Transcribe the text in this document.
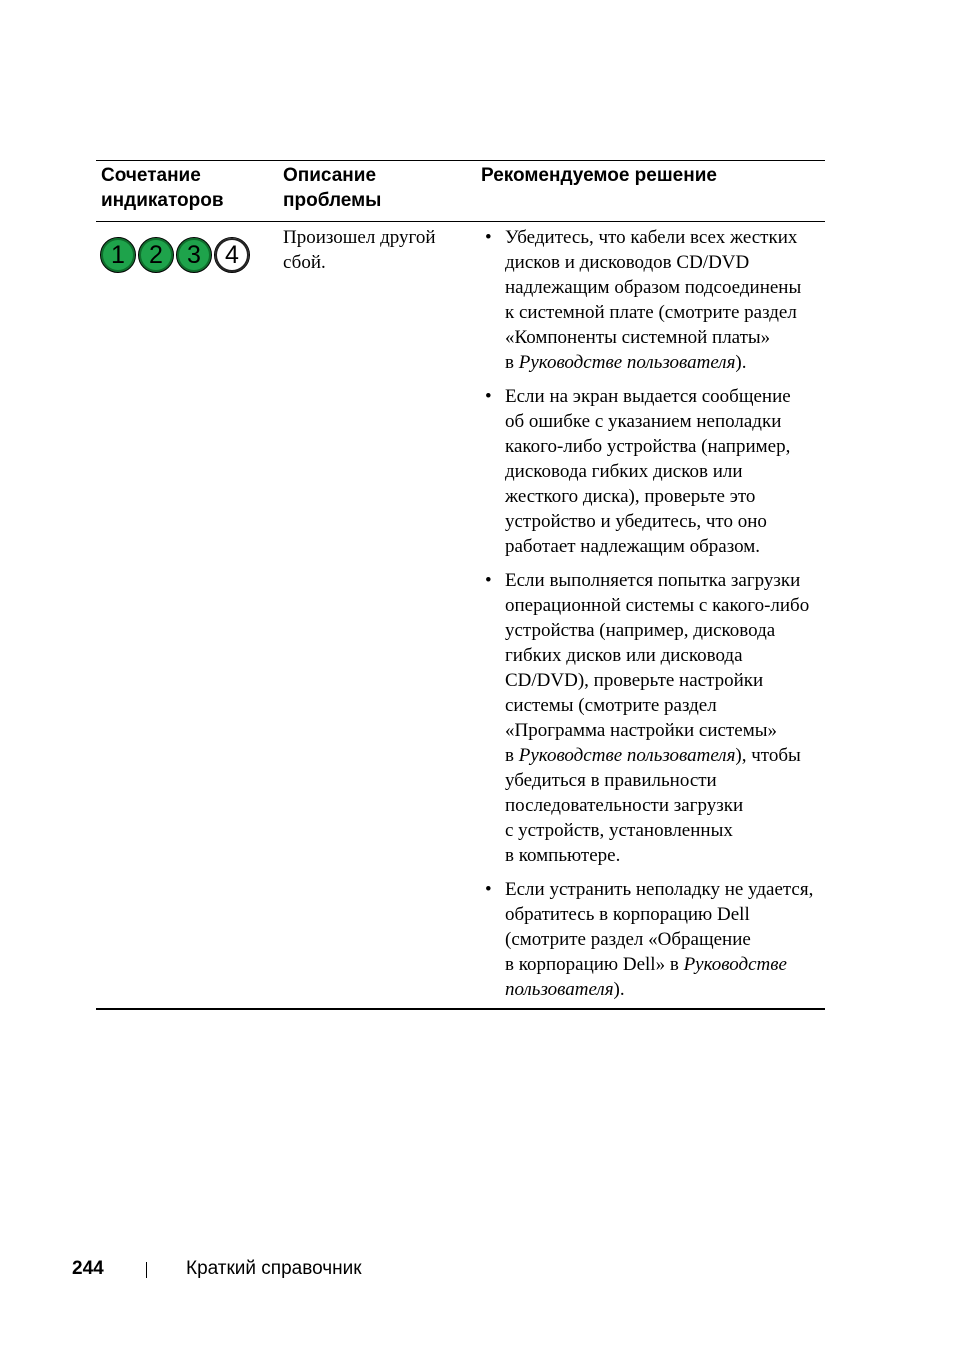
Сочетание
индикаторов
Описание
проблемы
Рекомендуемое решение
1 2 3 4
Произошел другой
сбой.
• Убедитесь, что кабели всех жестких
дисков и дисководов CD/DVD
надлежащим образом подсоединены
к системной плате (смотрите раздел
«Компоненты системной платы»
в Руководстве пользователя).
• Если на экран выдается сообщение
об ошибке с указанием неполадки
какого-либо устройства (например,
дисковода гибких дисков или
жесткого диска), проверьте это
устройство и убедитесь, что оно
работает надлежащим образом.
• Если выполняется попытка загрузки
операционной системы с какого-либо
устройства (например, дисковода
гибких дисков или дисковода
CD/DVD), проверьте настройки
системы (смотрите раздел
«Программа настройки системы»
в Руководстве пользователя), чтобы
убедиться в правильности
последовательности загрузки
с устройств, установленных
в компьютере.
• Если устранить неполадку не удается,
обратитесь в корпорацию Dell
(смотрите раздел «Обращение
в корпорацию Dell» в Руководстве
пользователя).
244	Краткий справочник
